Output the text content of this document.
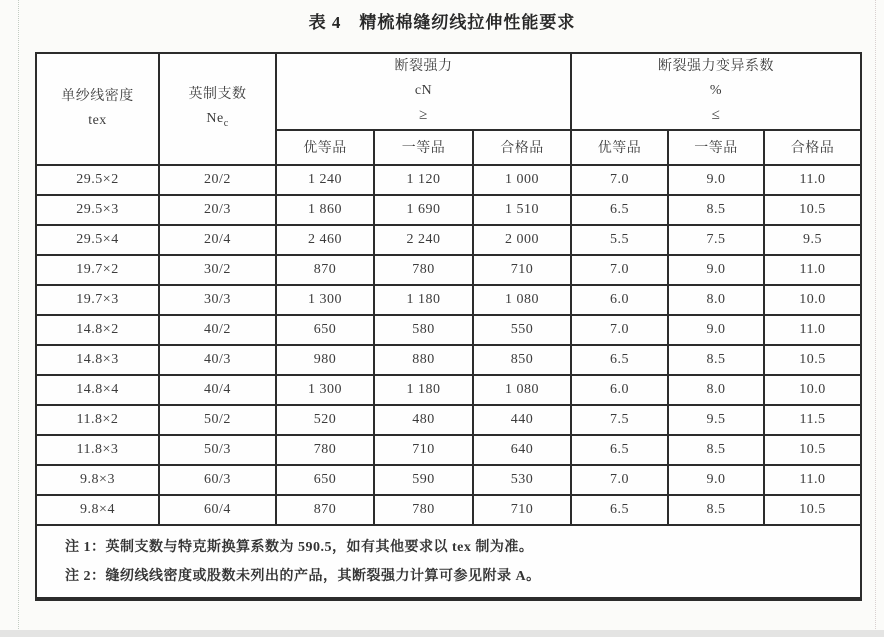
表 4　精梳棉缝纫线拉伸性能要求
单纱线密度
tex

英制支数
$Ne_c$

断裂强力
cN
≥

断裂强力变异系数
%
≤

		优等品	一等品	合格品	优等品	一等品	合格品
29.5×2	20/2	1 240	1 120	1 000	7.0	9.0	11.0
29.5×3	20/3	1 860	1 690	1 510	6.5	8.5	10.5
29.5×4	20/4	2 460	2 240	2 000	5.5	7.5	9.5
19.7×2	30/2	870	780	710	7.0	9.0	11.0
19.7×3	30/3	1 300	1 180	1 080	6.0	8.0	10.0
14.8×2	40/2	650	580	550	7.0	9.0	11.0
14.8×3	40/3	980	880	850	6.5	8.5	10.5
14.8×4	40/4	1 300	1 180	1 080	6.0	8.0	10.0
11.8×2	50/2	520	480	440	7.5	9.5	11.5
11.8×3	50/3	780	710	640	6.5	8.5	10.5
9.8×3	60/3	650	590	530	7.0	9.0	11.0
9.8×4	60/4	870	780	710	6.5	8.5	10.5

注 1：英制支数与特克斯换算系数为 590.5，如有其他要求以 tex 制为准。
注 2：缝纫线线密度或股数未列出的产品，其断裂强力计算可参见附录 A。							
